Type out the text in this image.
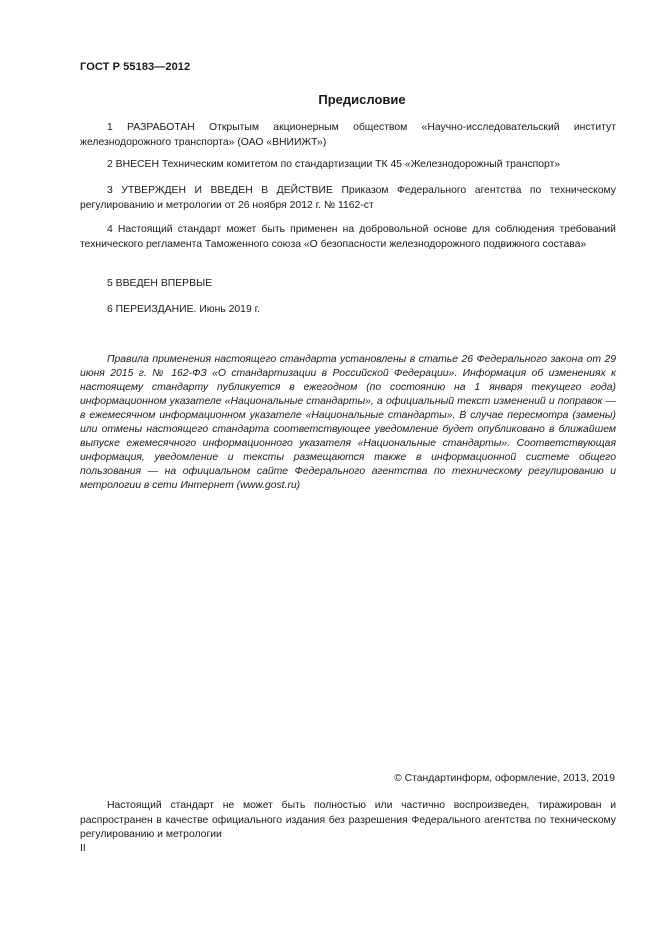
ГОСТ Р 55183—2012
Предисловие
1 РАЗРАБОТАН Открытым акционерным обществом «Научно-исследовательский институт железнодорожного транспорта» (ОАО «ВНИИЖТ»)
2 ВНЕСЕН Техническим комитетом по стандартизации ТК 45 «Железнодорожный транспорт»
3 УТВЕРЖДЕН И ВВЕДЕН В ДЕЙСТВИЕ Приказом Федерального агентства по техническому регулированию и метрологии от 26 ноября 2012 г. № 1162-ст
4 Настоящий стандарт может быть применен на добровольной основе для соблюдения требований технического регламента Таможенного союза «О безопасности железнодорожного подвижного состава»
5 ВВЕДЕН ВПЕРВЫЕ
6 ПЕРЕИЗДАНИЕ. Июнь 2019 г.
Правила применения настоящего стандарта установлены в статье 26 Федерального закона от 29 июня 2015 г. № 162-ФЗ «О стандартизации в Российской Федерации». Информация об изменениях к настоящему стандарту публикуется в ежегодном (по состоянию на 1 января текущего года) информационном указателе «Национальные стандарты», а официальный текст изменений и поправок — в ежемесячном информационном указателе «Национальные стандарты». В случае пересмотра (замены) или отмены настоящего стандарта соответствующее уведомление будет опубликовано в ближайшем выпуске ежемесячного информационного указателя «Национальные стандарты». Соответствующая информация, уведомление и тексты размещаются также в информационной системе общего пользования — на официальном сайте Федерального агентства по техническому регулированию и метрологии в сети Интернет (www.gost.ru)
© Стандартинформ, оформление, 2013, 2019
Настоящий стандарт не может быть полностью или частично воспроизведен, тиражирован и распространен в качестве официального издания без разрешения Федерального агентства по техническому регулированию и метрологии
II
